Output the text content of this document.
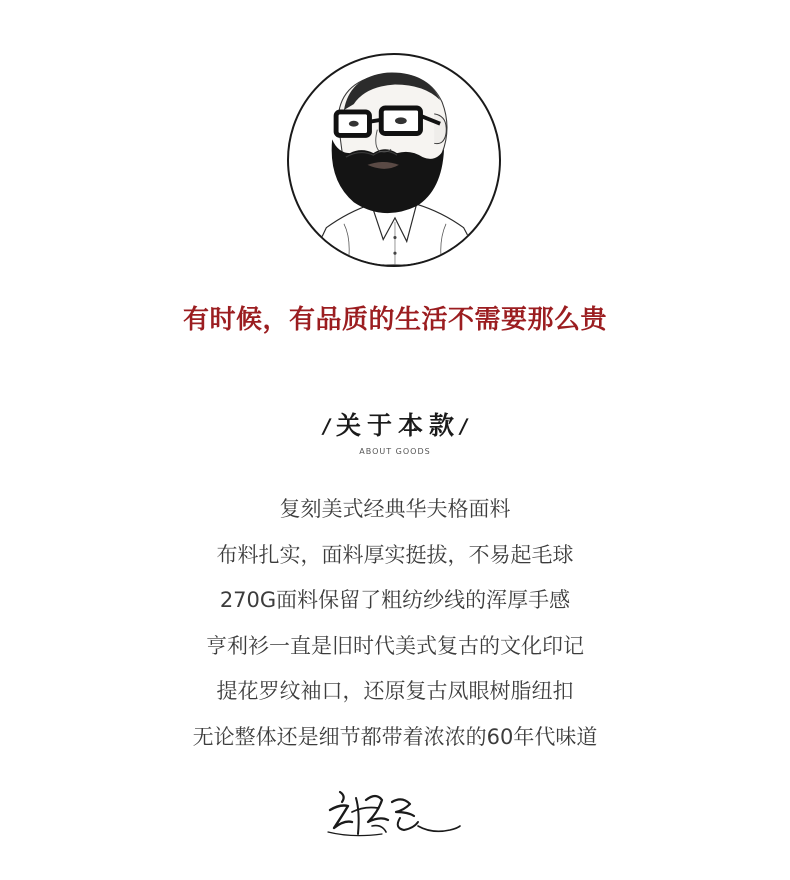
有时候，有品质的生活不需要那么贵
/ 关于本款/
ABOUT GOODS
复刻美式经典华夫格面料
布料扎实，面料厚实挺拔，不易起毛球
270G面料保留了粗纺纱线的浑厚手感
亨利衫一直是旧时代美式复古的文化印记
提花罗纹袖口，还原复古凤眼树脂纽扣
无论整体还是细节都带着浓浓的60年代味道
